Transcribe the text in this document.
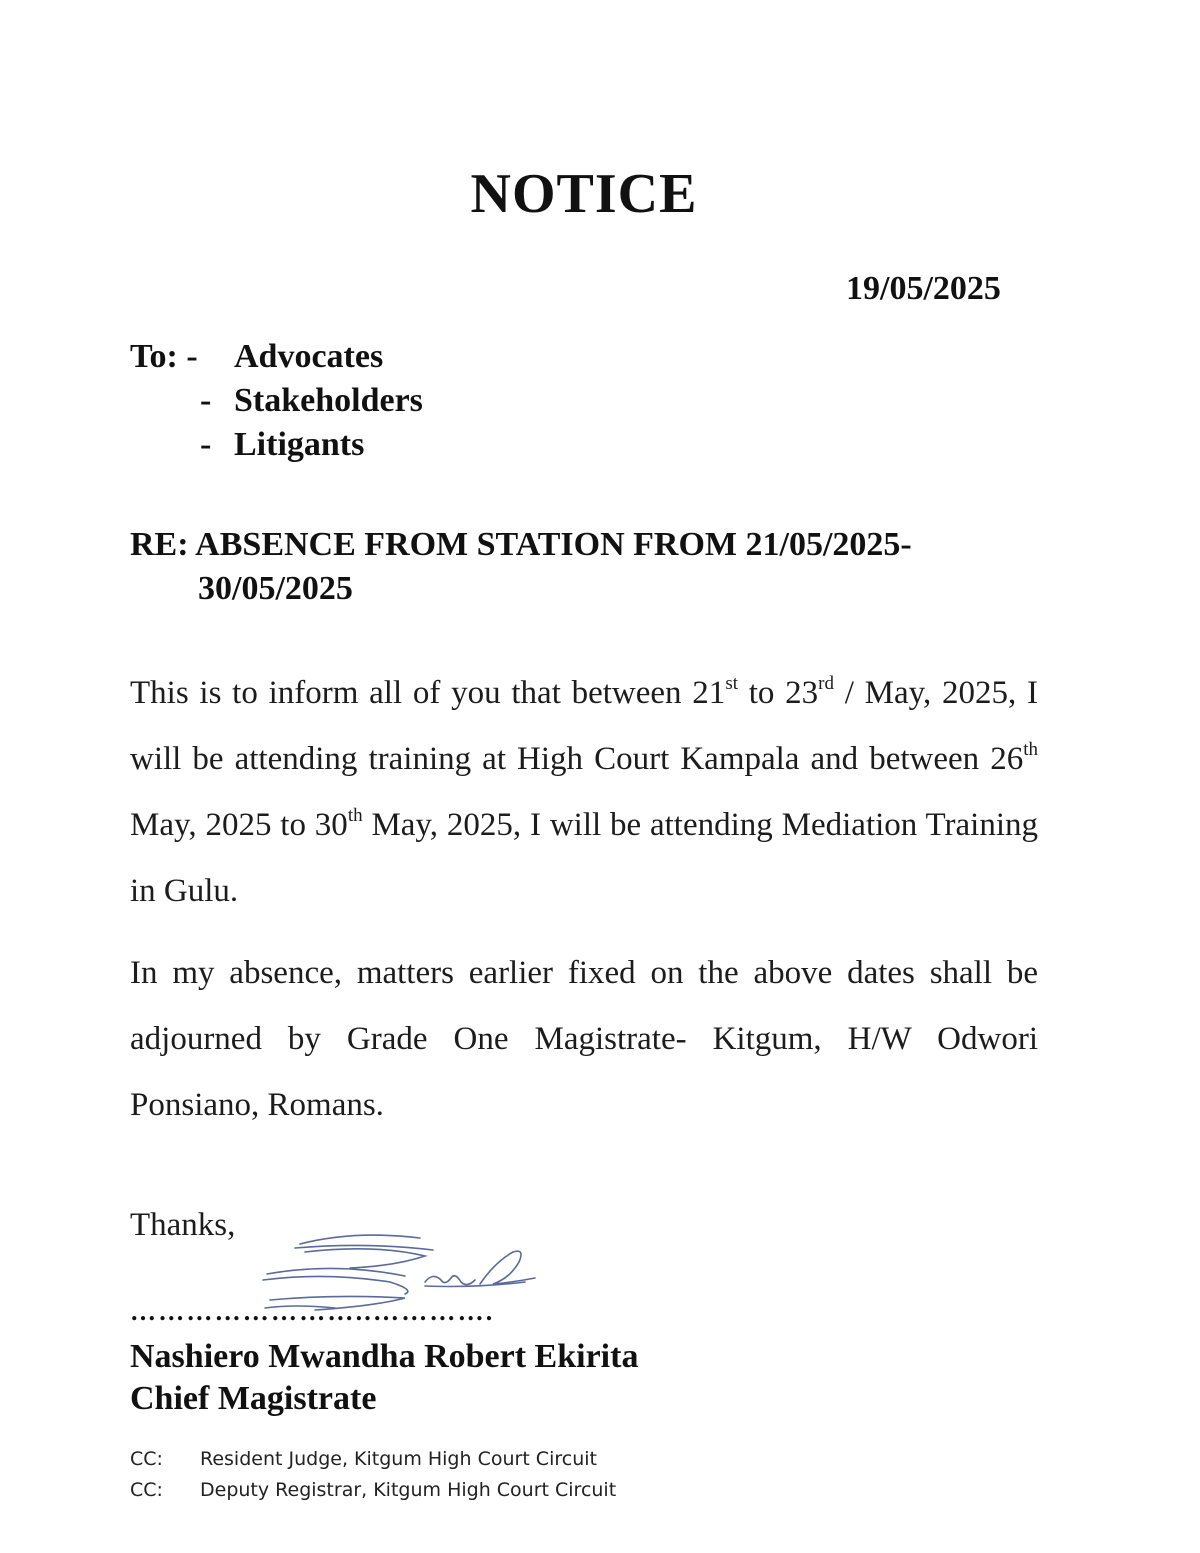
NOTICE
19/05/2025
To: - Advocates
- Stakeholders
- Litigants
RE: ABSENCE FROM STATION FROM 21/05/2025-
30/05/2025
This is to inform all of you that between 21st to 23rd / May, 2025, I will be attending training at High Court Kampala and between 26th May, 2025 to 30th May, 2025, I will be attending Mediation Training in Gulu.
In my absence, matters earlier fixed on the above dates shall be adjourned by Grade One Magistrate- Kitgum, H/W Odwori Ponsiano, Romans.
Thanks,
……………………..………….
Nashiero Mwandha Robert Ekirita
Chief Magistrate
CC: Resident Judge, Kitgum High Court Circuit
CC: Deputy Registrar, Kitgum High Court Circuit
